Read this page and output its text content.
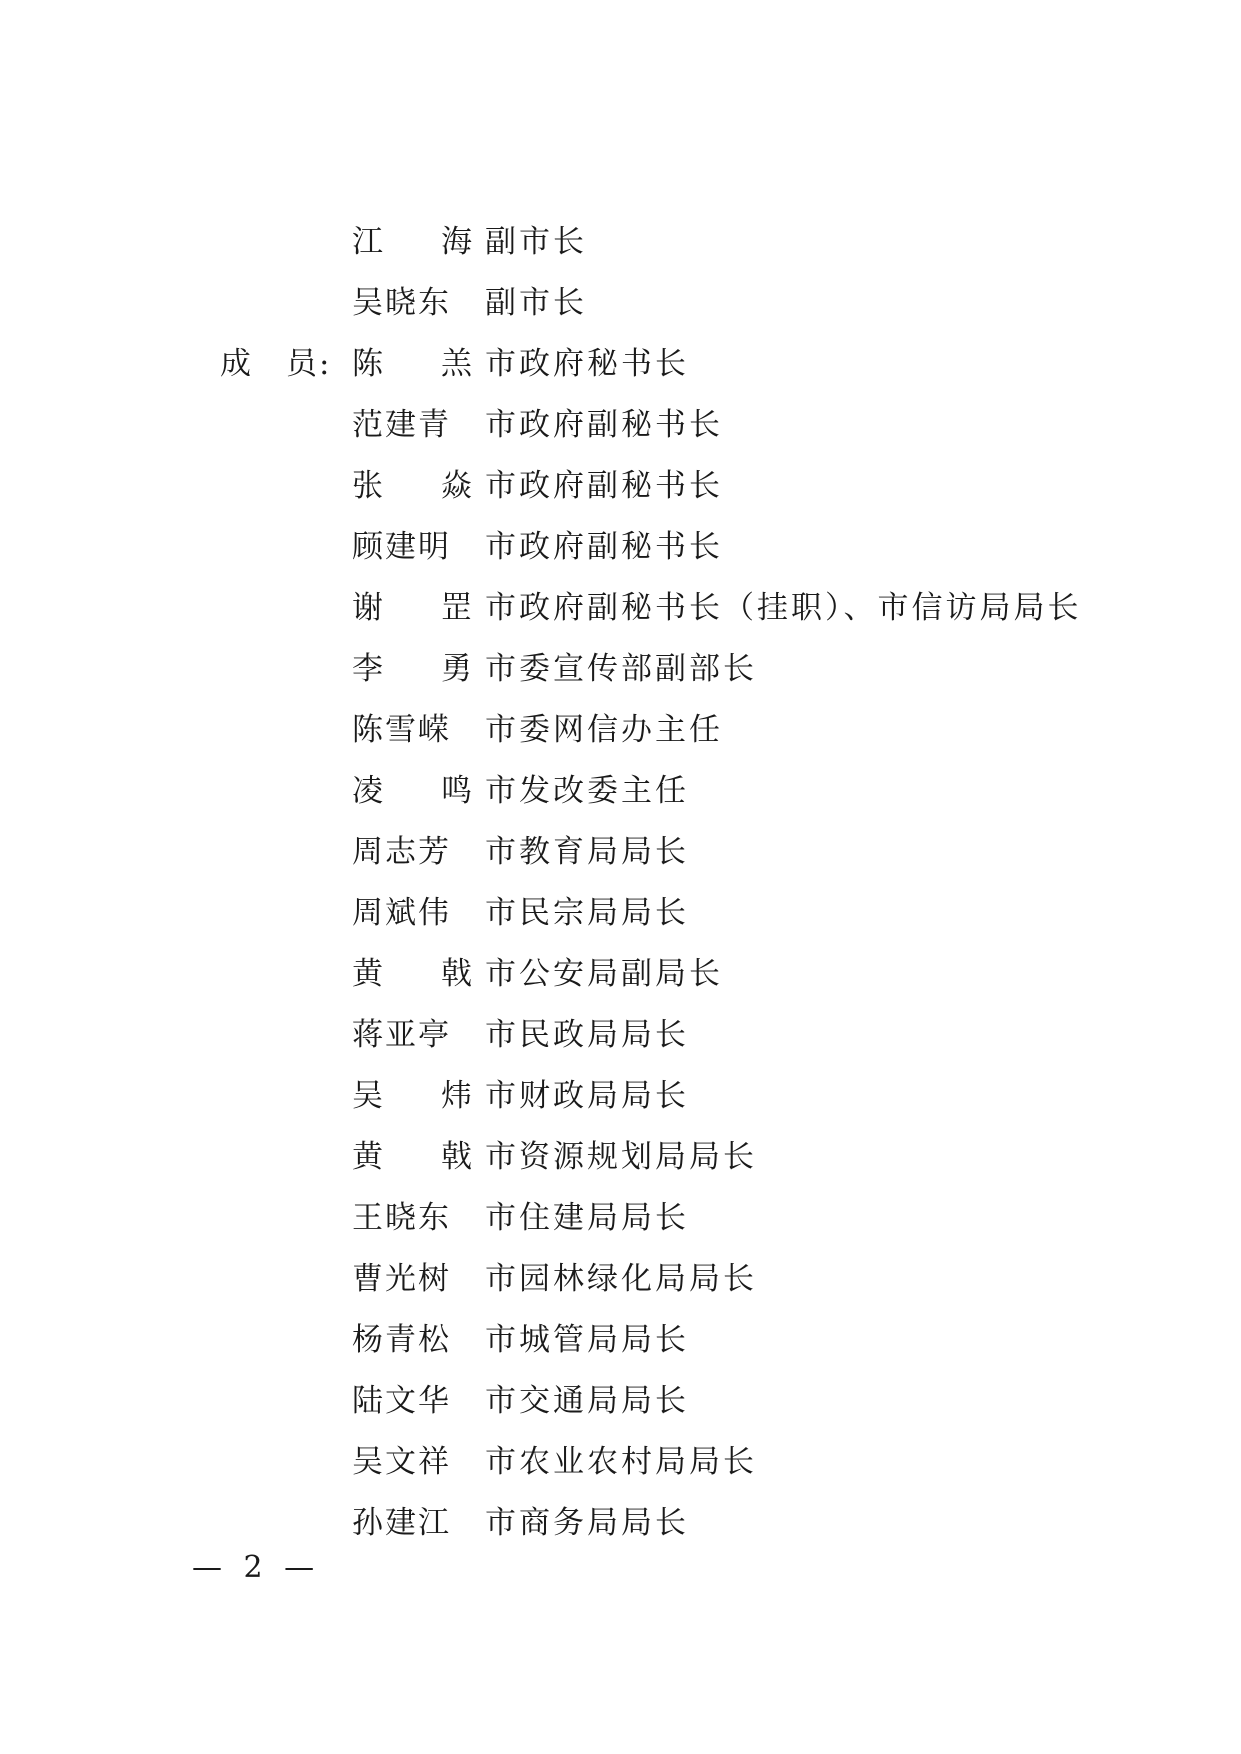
江 海 副市长
吴晓东 副市长
成　员: 陈 羔 市政府秘书长
范建青 市政府副秘书长
张 焱 市政府副秘书长
顾建明 市政府副秘书长
谢 罡 市政府副秘书长（挂职）、市信访局局长
李 勇 市委宣传部副部长
陈雪嵘 市委网信办主任
凌 鸣 市发改委主任
周志芳 市教育局局长
周斌伟 市民宗局局长
黄 戟 市公安局副局长
蒋亚亭 市民政局局长
吴 炜 市财政局局长
黄 戟 市资源规划局局长
王晓东 市住建局局长
曹光树 市园林绿化局局长
杨青松 市城管局局长
陆文华 市交通局局长
吴文祥 市农业农村局局长
孙建江 市商务局局长
— 2 —
